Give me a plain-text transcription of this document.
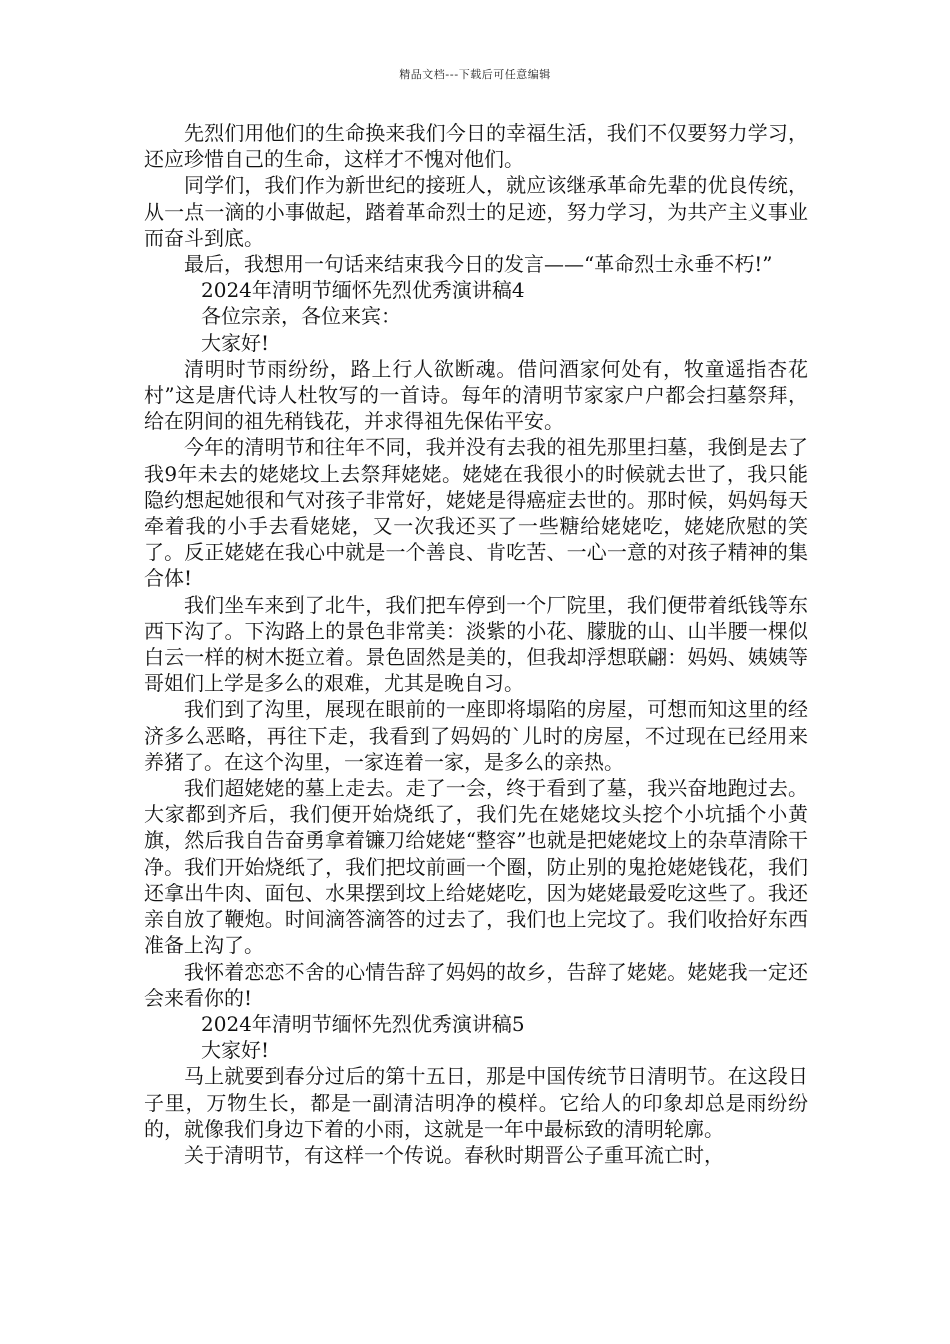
精品文档---下载后可任意编辑

先烈们用他们的生命换来我们今日的幸福生活，我们不仅要努力学习，还应珍惜自己的生命，这样才不愧对他们。

同学们，我们作为新世纪的接班人，就应该继承革命先辈的优良传统，从一点一滴的小事做起，踏着革命烈士的足迹，努力学习，为共产主义事业而奋斗到底。

最后，我想用一句话来结束我今日的发言——“革命烈士永垂不朽!”

2024年清明节缅怀先烈优秀演讲稿4

各位宗亲，各位来宾：

大家好!

清明时节雨纷纷，路上行人欲断魂。借问酒家何处有，牧童遥指杏花村”这是唐代诗人杜牧写的一首诗。每年的清明节家家户户都会扫墓祭拜，给在阴间的祖先稍钱花，并求得祖先保佑平安。

今年的清明节和往年不同，我并没有去我的祖先那里扫墓，我倒是去了我9年未去的姥姥坟上去祭拜姥姥。姥姥在我很小的时候就去世了，我只能隐约想起她很和气对孩子非常好，姥姥是得癌症去世的。那时候，妈妈每天牵着我的小手去看姥姥，又一次我还买了一些糖给姥姥吃，姥姥欣慰的笑了。反正姥姥在我心中就是一个善良、肯吃苦、一心一意的对孩子精神的集合体!

我们坐车来到了北牛，我们把车停到一个厂院里，我们便带着纸钱等东西下沟了。下沟路上的景色非常美：淡紫的小花、朦胧的山、山半腰一棵似白云一样的树木挺立着。景色固然是美的，但我却浮想联翩：妈妈、姨姨等哥姐们上学是多么的艰难，尤其是晚自习。

我们到了沟里，展现在眼前的一座即将塌陷的房屋，可想而知这里的经济多么恶略，再往下走，我看到了妈妈的`儿时的房屋，不过现在已经用来养猪了。在这个沟里，一家连着一家，是多么的亲热。

我们超姥姥的墓上走去。走了一会，终于看到了墓，我兴奋地跑过去。大家都到齐后，我们便开始烧纸了，我们先在姥姥坟头挖个小坑插个小黄旗，然后我自告奋勇拿着镰刀给姥姥“整容”也就是把姥姥坟上的杂草清除干净。我们开始烧纸了，我们把坟前画一个圈，防止别的鬼抢姥姥钱花，我们还拿出牛肉、面包、水果摆到坟上给姥姥吃，因为姥姥最爱吃这些了。我还亲自放了鞭炮。时间滴答滴答的过去了，我们也上完坟了。我们收拾好东西准备上沟了。

我怀着恋恋不舍的心情告辞了妈妈的故乡，告辞了姥姥。姥姥我一定还会来看你的!

2024年清明节缅怀先烈优秀演讲稿5

大家好!

马上就要到春分过后的第十五日，那是中国传统节日清明节。在这段日子里，万物生长，都是一副清洁明净的模样。它给人的印象却总是雨纷纷的，就像我们身边下着的小雨，这就是一年中最标致的清明轮廓。

关于清明节，有这样一个传说。春秋时期晋公子重耳流亡时，
